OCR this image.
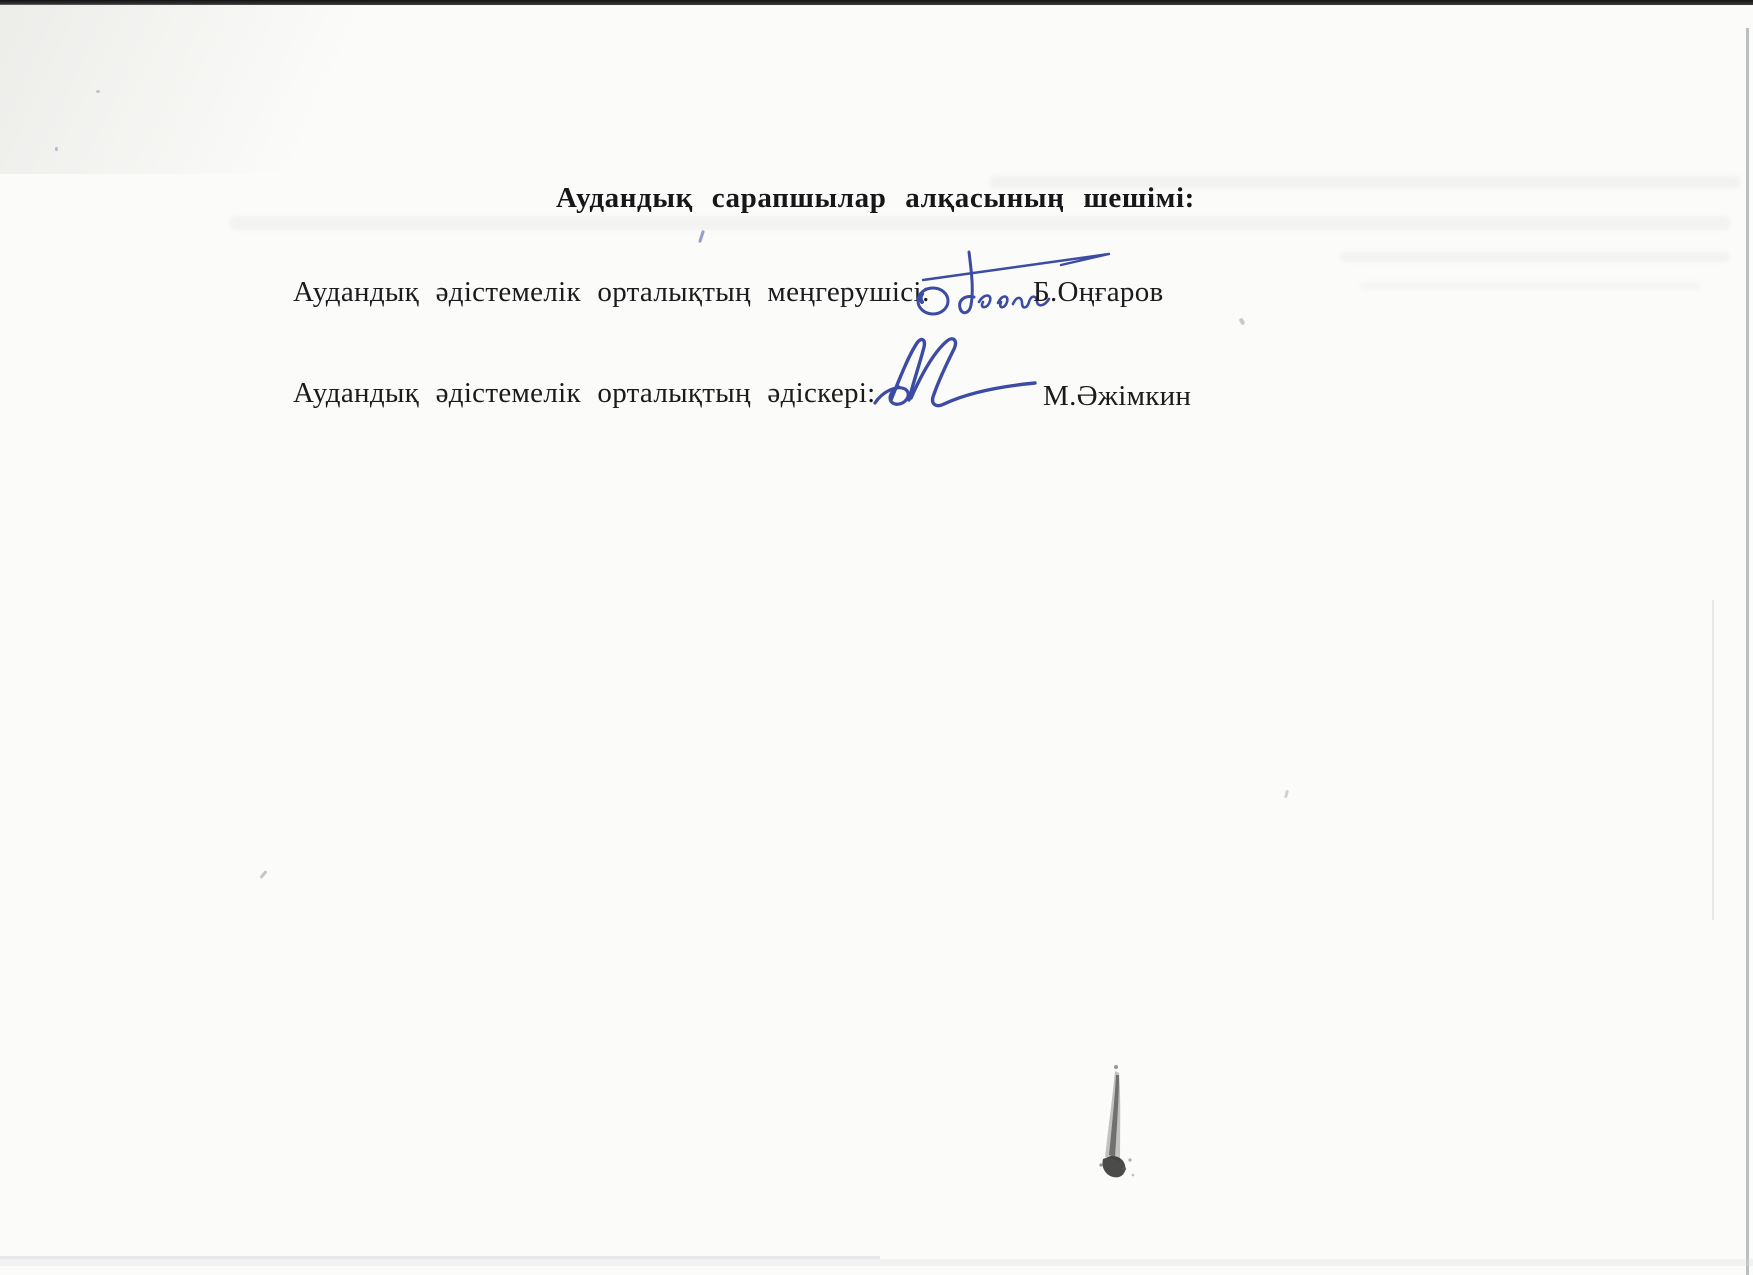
Аудандық сарапшылар алқасының шешімі:
Аудандық әдістемелік орталықтың меңгерушісі:	Б.Оңғаров
Аудандық әдістемелік орталықтың әдіскері:	М.Әжімкин
